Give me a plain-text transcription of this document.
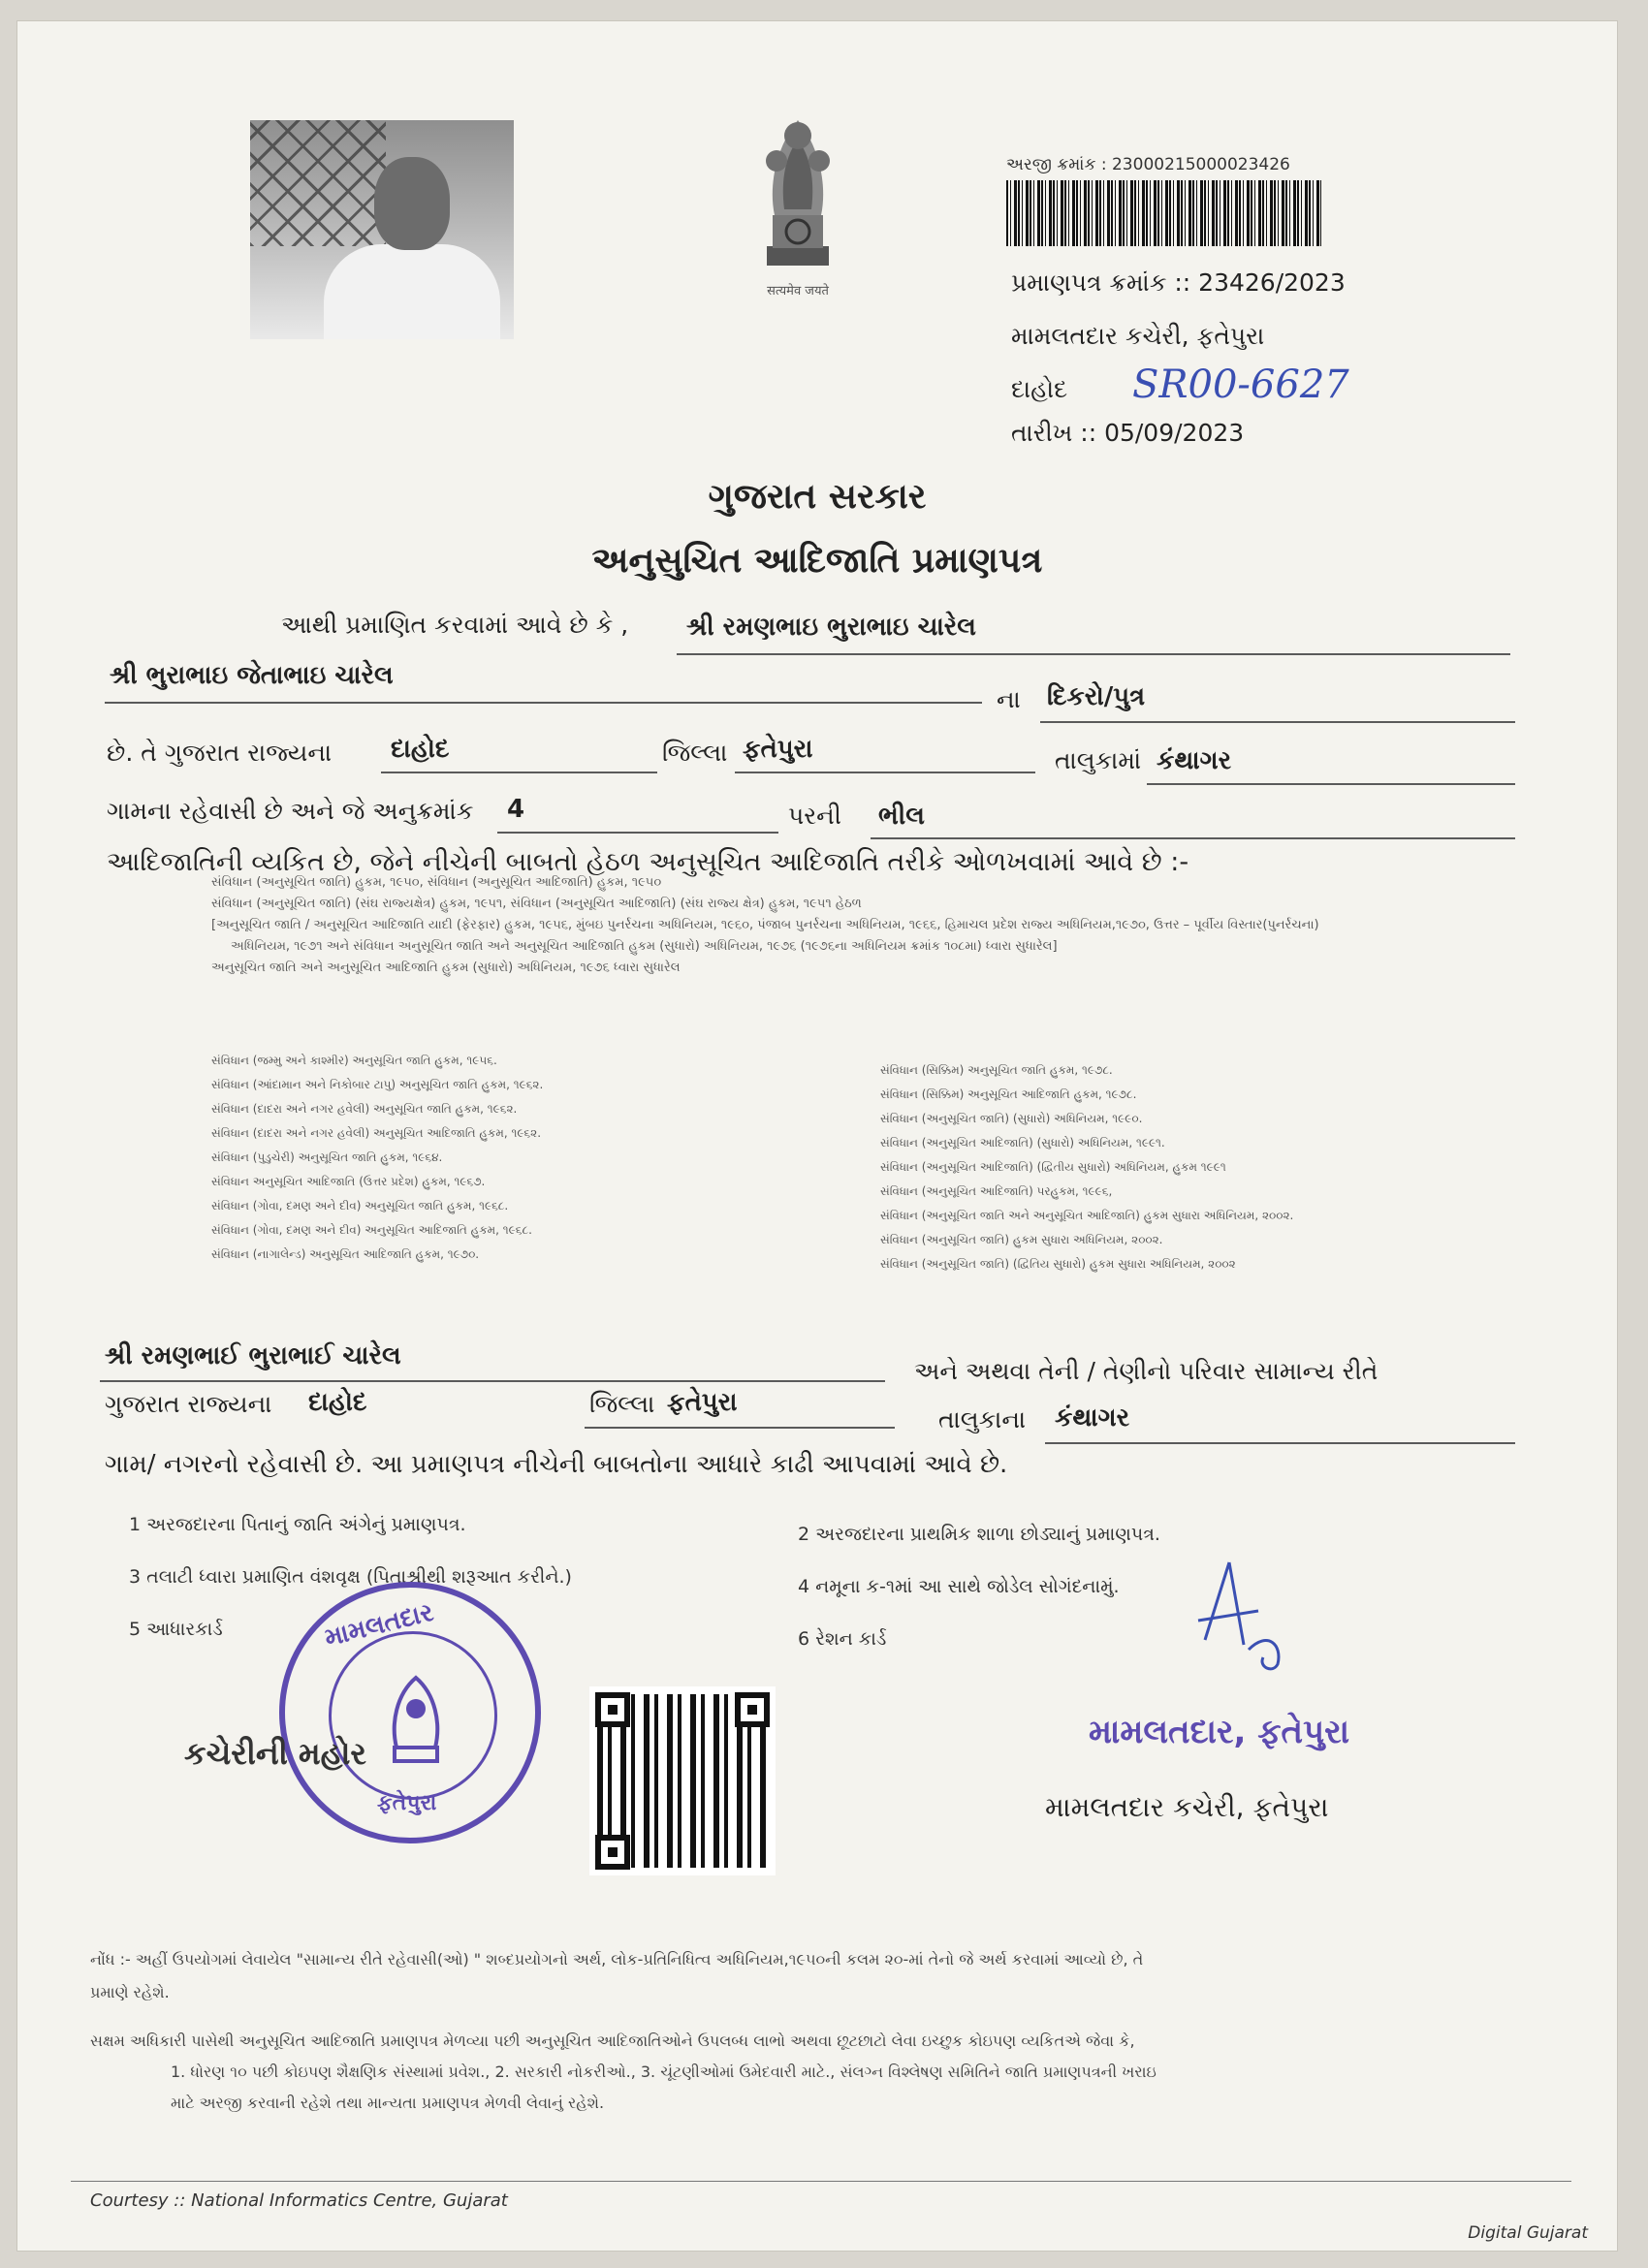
सत्यमेव जयते
અરજી ક્રમાંક : 23000215000023426
પ્રમાણપત્ર ક્રમાંક :: 23426/2023
મામલતદાર કચેરી, ફતેપુરા
દાહોદ SR00-6627
તારીખ :: 05/09/2023
ગુજરાત સરકાર
અનુસુચિત આદિજાતિ પ્રમાણપત્ર
આથી પ્રમાણિત કરવામાં આવે છે કે , શ્રી રમણભાઇ ભુરાભાઇ ચારેલ
શ્રી ભુરાભાઇ જેતાભાઇ ચારેલ
ના દિકરો/પુત્ર
છે. તે ગુજરાત રાજ્યના દાહોદ	જિલ્લા ફતેપુરા	તાલુકામાં કંથાગર
ગામના રહેવાસી છે અને જે અનુક્રમાંક 4	પરની ભીલ
આદિજાતિની વ્યકિત છે, જેને નીચેની બાબતો હેઠળ અનુસૂચિત આદિજાતિ તરીકે ઓળખવામાં આવે છે :-
સંવિધાન (અનુસૂચિત જાતિ) હુકમ, ૧૯૫૦, સંવિધાન (અનુસૂચિત આદિજાતિ) હુકમ, ૧૯૫૦
સંવિધાન (અનુસૂચિત જાતિ) (સંઘ રાજ્યક્ષેત્ર) હુકમ, ૧૯૫૧, સંવિધાન (અનુસૂચિત આદિજાતિ) (સંઘ રાજ્ય ક્ષેત્ર) હુકમ, ૧૯૫૧ હેઠળ
[અનુસૂચિત જાતિ / અનુસૂચિત આદિજાતિ યાદી (ફેરફાર) હુકમ, ૧૯૫૬, મુંબઇ પુનર્રચના અધિનિયમ, ૧૯૬૦, પંજાબ પુનર્રચના અધિનિયમ, ૧૯૬૬, હિમાચલ પ્રદેશ રાજ્ય અધિનિયમ,૧૯૭૦, ઉત્તર – પૂર્વીય વિસ્તાર(પુનર્રચના)
અધિનિયમ, ૧૯૭૧ અને સંવિધાન અનુસૂચિત જાતિ અને અનુસૂચિત આદિજાતિ હુકમ (સુધારો) અધિનિયમ, ૧૯૭૬ (૧૯૭૬ના અધિનિયમ ક્રમાંક ૧૦૮મા) ધ્વારા સુધારેલ]
અનુસૂચિત જાતિ અને અનુસૂચિત આદિજાતિ હુકમ (સુધારો) અધિનિયમ, ૧૯૭૬ ધ્વારા સુધારેલ
સંવિધાન (જમ્મુ અને કાશ્મીર) અનુસૂચિત જાતિ હુકમ, ૧૯૫૬.
સંવિધાન (આંદામાન અને નિકોબાર ટાપુ) અનુસૂચિત જાતિ હુકમ, ૧૯૬૨.
સંવિધાન (દાદરા અને નગર હવેલી) અનુસૂચિત જાતિ હુકમ, ૧૯૬૨.
સંવિધાન (દાદરા અને નગર હવેલી) અનુસૂચિત આદિજાતિ હુકમ, ૧૯૬૨.
સંવિધાન (પુડુચેરી) અનુસૂચિત જાતિ હુકમ, ૧૯૬૪.
સંવિધાન અનુસૂચિત આદિજાતિ (ઉત્તર પ્રદેશ) હુકમ, ૧૯૬૭.
સંવિધાન (ગોવા, દમણ અને દીવ) અનુસૂચિત જાતિ હુકમ, ૧૯૬૮.
સંવિધાન (ગોવા, દમણ અને દીવ) અનુસૂચિત આદિજાતિ હુકમ, ૧૯૬૮.
સંવિધાન (નાગાલેન્ડ) અનુસૂચિત આદિજાતિ હુકમ, ૧૯૭૦.
સંવિધાન (સિક્કિમ) અનુસૂચિત જાતિ હુકમ, ૧૯૭૮.
સંવિધાન (સિક્કિમ) અનુસૂચિત આદિજાતિ હુકમ, ૧૯૭૮.
સંવિધાન (અનુસૂચિત જાતિ) (સુધારો) અધિનિયમ, ૧૯૯૦.
સંવિધાન (અનુસૂચિત આદિજાતિ) (સુધારો) અધિનિયમ, ૧૯૯૧.
સંવિધાન (અનુસૂચિત આદિજાતિ) (દ્વિતીય સુધારો) અધિનિયમ, હુકમ ૧૯૯૧
સંવિધાન (અનુસૂચિત આદિજાતિ) પરહુકમ, ૧૯૯૬,
સંવિધાન (અનુસૂચિત જાતિ અને અનુસૂચિત આદિજાતિ) હુકમ સુધારા અધિનિયમ, ૨૦૦૨.
સંવિધાન (અનુસૂચિત જાતિ) હુકમ સુધારા અધિનિયમ, ૨૦૦૨.
સંવિધાન (અનુસૂચિત જાતિ) (દ્વિતિય સુધારો) હુકમ સુધારા અધિનિયમ, ૨૦૦૨
શ્રી રમણભાઈ ભુરાભાઈ ચારેલ
અને અથવા તેની / તેણીનો પરિવાર સામાન્ય રીતે
ગુજરાત રાજ્યના દાહોદ	જિલ્લા ફતેપુરા
તાલુકાના કંથાગર
ગામ/ નગરનો રહેવાસી છે. આ પ્રમાણપત્ર નીચેની બાબતોના આધારે કાઢી આપવામાં આવે છે.
1 અરજદારના પિતાનું જાતિ અંગેનું પ્રમાણપત્ર.	2 અરજદારના પ્રાથમિક શાળા છોડ્યાનું પ્રમાણપત્ર.
3 તલાટી ધ્વારા પ્રમાણિત વંશવૃક્ષ (પિતાશ્રીથી શરૂઆત કરીને.)	4 નમૂના ક-૧માં આ સાથે જોડેલ સોગંદનામું.
5 આધારકાર્ડ	6 રેશન કાર્ડ
મામલતદાર
ફતેપુરા
કચેરીની મહોર
મામલતદાર, ફતેપુરા
મામલતદાર કચેરી, ફતેપુરા
નોંધ :- અહીં ઉપયોગમાં લેવાયેલ "સામાન્ય રીતે રહેવાસી(ઓ) " શબ્દપ્રયોગનો અર્થ, લોક-પ્રતિનિધિત્વ અધિનિયમ,૧૯૫૦ની કલમ ૨૦-માં તેનો જે અર્થ કરવામાં આવ્યો છે, તે
પ્રમાણે રહેશે.
સક્ષમ અધિકારી પાસેથી અનુસૂચિત આદિજાતિ પ્રમાણપત્ર મેળવ્યા પછી અનુસૂચિત આદિજાતિઓને ઉપલબ્ધ લાભો અથવા છૂટછાટો લેવા ઇચ્છુક કોઇપણ વ્યકિતએ જેવા કે,
1. ધોરણ ૧૦ પછી કોઇપણ શૈક્ષણિક સંસ્થામાં પ્રવેશ., 2. સરકારી નોકરીઓ., 3. ચૂંટણીઓમાં ઉમેદવારી માટે., સંલગ્ન વિશ્લેષણ સમિતિને જાતિ પ્રમાણપત્રની ખરાઇ
માટે અરજી કરવાની રહેશે તથા માન્યતા પ્રમાણપત્ર મેળવી લેવાનું રહેશે.
Courtesy :: National Informatics Centre, Gujarat
Digital Gujarat
